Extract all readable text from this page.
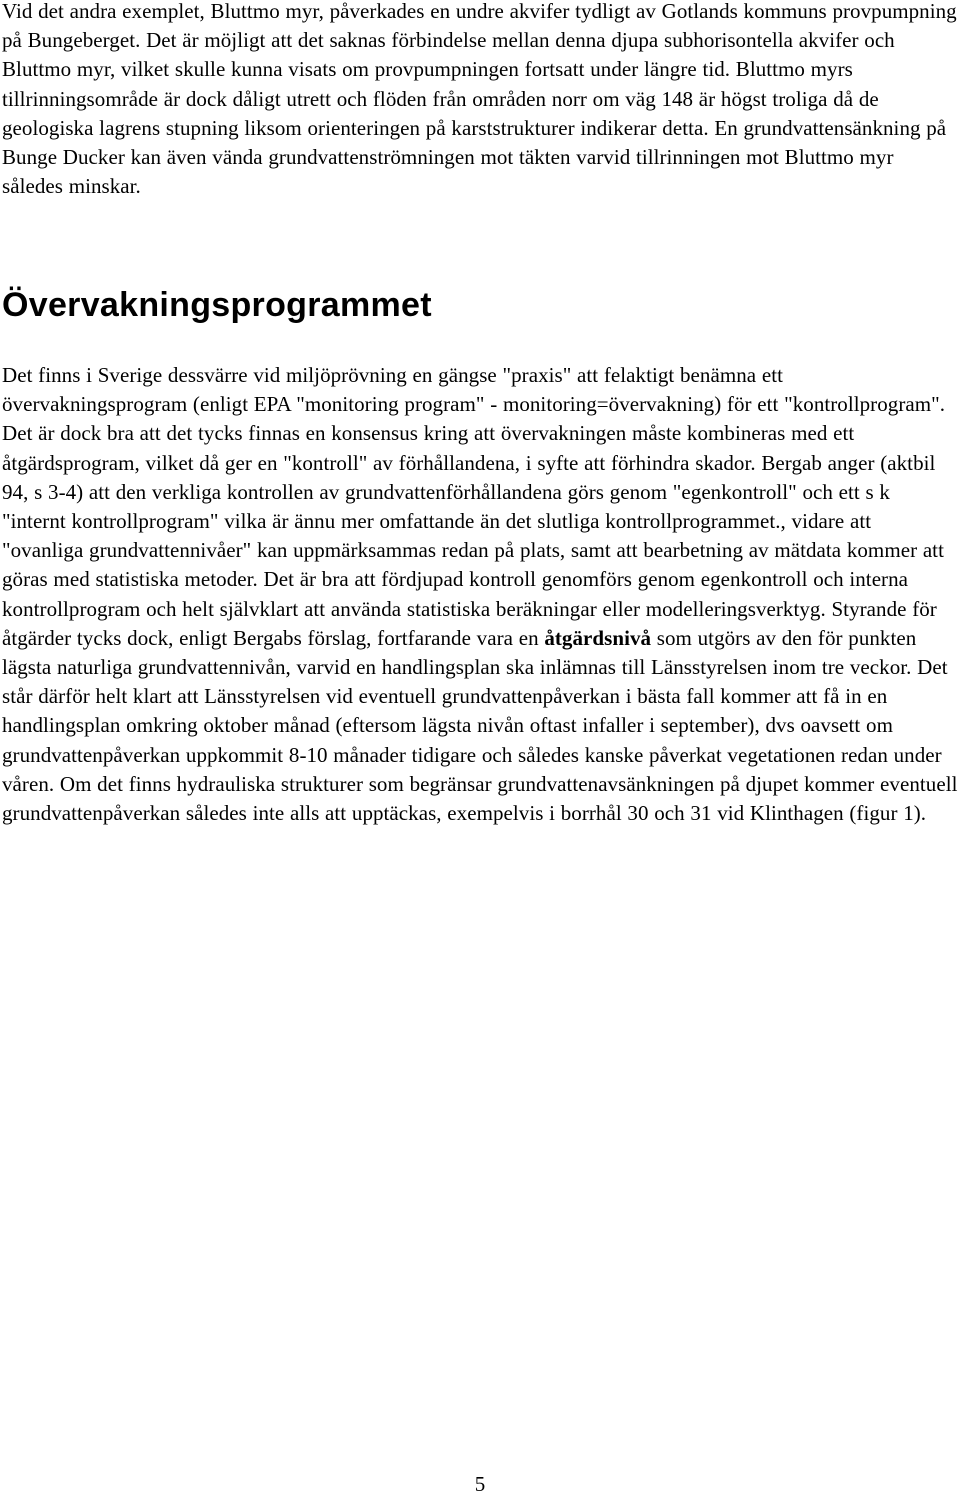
Vid det andra exemplet, Bluttmo myr, påverkades en undre akvifer tydligt av Gotlands kommuns provpumpning på Bungeberget. Det är möjligt att det saknas förbindelse mellan denna djupa subhorisontella akvifer och Bluttmo myr, vilket skulle kunna visats om provpumpningen fortsatt under längre tid. Bluttmo myrs tillrinningsområde är dock dåligt utrett och flöden från områden norr om väg 148 är högst troliga då de geologiska lagrens stupning liksom orienteringen på karststrukturer indikerar detta. En grundvattensänkning på Bunge Ducker kan även vända grundvattenströmningen mot täkten varvid tillrinningen mot Bluttmo myr således minskar.

Övervakningsprogrammet

Det finns i Sverige dessvärre vid miljöprövning en gängse "praxis" att felaktigt benämna ett övervakningsprogram (enligt EPA "monitoring program" - monitoring=övervakning) för ett "kontrollprogram". Det är dock bra att det tycks finnas en konsensus kring att övervakningen måste kombineras med ett åtgärdsprogram, vilket då ger en "kontroll" av förhållandena, i syfte att förhindra skador. Bergab anger (aktbil 94, s 3-4) att den verkliga kontrollen av grundvattenförhållandena görs genom "egenkontroll" och ett s k "internt kontrollprogram" vilka är ännu mer omfattande än det slutliga kontrollprogrammet., vidare att "ovanliga grundvattennivåer" kan uppmärksammas redan på plats, samt att bearbetning av mätdata kommer att göras med statistiska metoder. Det är bra att fördjupad kontroll genomförs genom egenkontroll och interna kontrollprogram och helt självklart att använda statistiska beräkningar eller modelleringsverktyg. Styrande för åtgärder tycks dock, enligt Bergabs förslag, fortfarande vara en åtgärdsnivå som utgörs av den för punkten lägsta naturliga grundvattennivån, varvid en handlingsplan ska inlämnas till Länsstyrelsen inom tre veckor. Det står därför helt klart att Länsstyrelsen vid eventuell grundvattenpåverkan i bästa fall kommer att få in en handlingsplan omkring oktober månad (eftersom lägsta nivån oftast infaller i september), dvs oavsett om grundvattenpåverkan uppkommit 8-10 månader tidigare och således kanske påverkat vegetationen redan under våren. Om det finns hydrauliska strukturer som begränsar grundvattenavsänkningen på djupet kommer eventuell grundvattenpåverkan således inte alls att upptäckas, exempelvis i borrhål 30 och 31 vid Klinthagen (figur 1).

5
